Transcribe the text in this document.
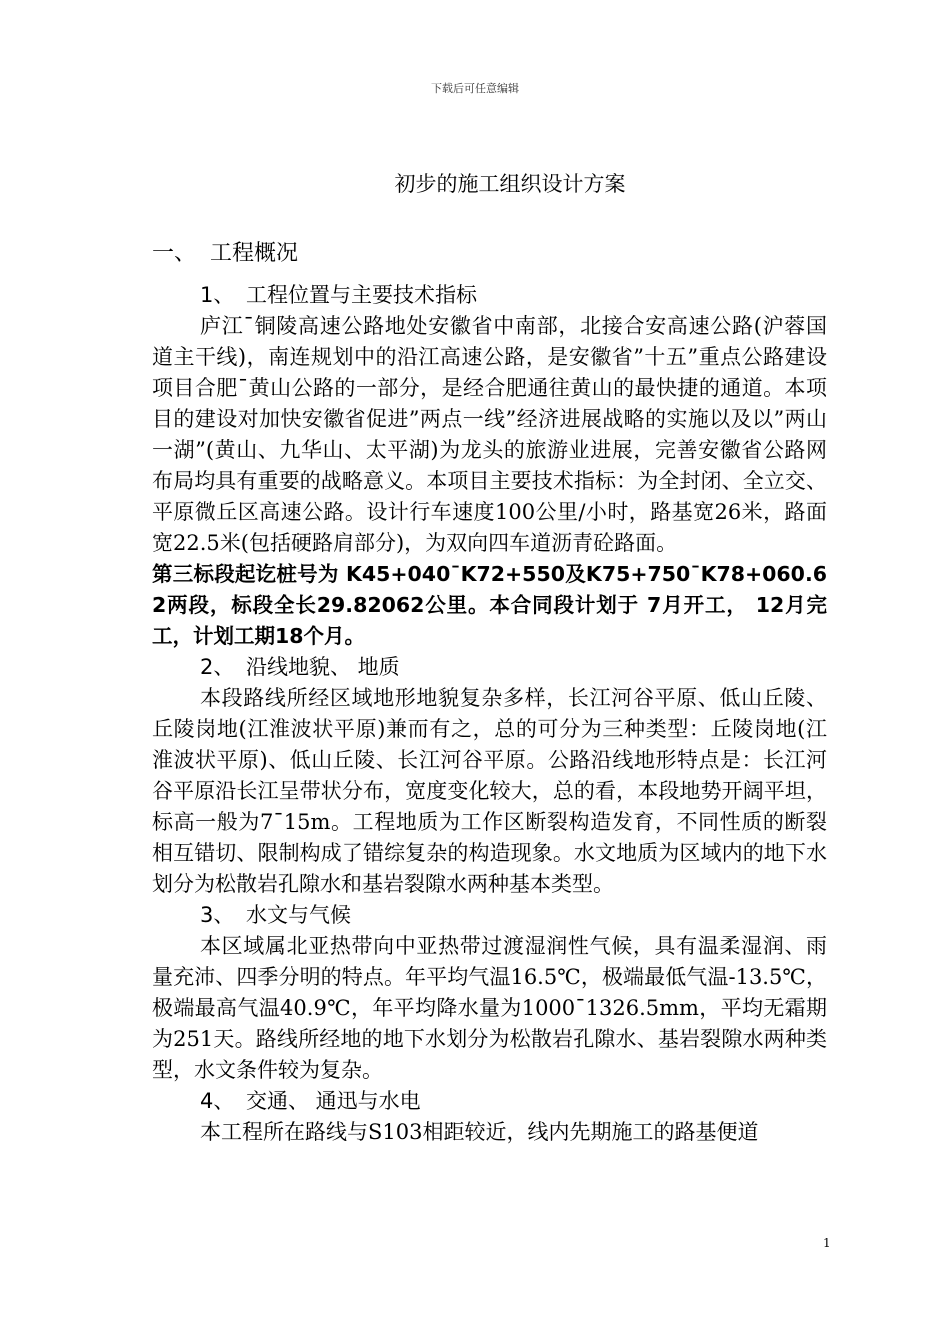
下载后可任意编辑
初步的施工组织设计方案
一、 工程概况
1、 工程位置与主要技术指标
庐江¯铜陵高速公路地处安徽省中南部，北接合安高速公路(沪蓉国道主干线)，南连规划中的沿江高速公路，是安徽省”十五”重点公路建设项目合肥¯黄山公路的一部分，是经合肥通往黄山的最快捷的通道。本项目的建设对加快安徽省促进”两点一线”经济进展战略的实施以及以”两山一湖”(黄山、九华山、太平湖)为龙头的旅游业进展，完善安徽省公路网布局均具有重要的战略意义。本项目主要技术指标：为全封闭、全立交、平原微丘区高速公路。设计行车速度100公里/小时，路基宽26米，路面宽22.5米(包括硬路肩部分)，为双向四车道沥青砼路面。
第三标段起讫桩号为 K45+040¯K72+550及K75+750¯K78+060.62两段，标段全长29.82062公里。本合同段计划于 7月开工， 12月完工，计划工期18个月。
2、 沿线地貌、 地质
本段路线所经区域地形地貌复杂多样，长江河谷平原、低山丘陵、丘陵岗地(江淮波状平原)兼而有之，总的可分为三种类型：丘陵岗地(江淮波状平原)、低山丘陵、长江河谷平原。公路沿线地形特点是：长江河谷平原沿长江呈带状分布，宽度变化较大，总的看，本段地势开阔平坦，标高一般为7¯15m。工程地质为工作区断裂构造发育，不同性质的断裂相互错切、限制构成了错综复杂的构造现象。水文地质为区域内的地下水划分为松散岩孔隙水和基岩裂隙水两种基本类型。
3、 水文与气候
本区域属北亚热带向中亚热带过渡湿润性气候，具有温柔湿润、雨量充沛、四季分明的特点。年平均气温16.5℃，极端最低气温-13.5℃，极端最高气温40.9℃，年平均降水量为1000¯1326.5mm，平均无霜期为251天。路线所经地的地下水划分为松散岩孔隙水、基岩裂隙水两种类型，水文条件较为复杂。
4、 交通、 通迅与水电
本工程所在路线与S103相距较近，线内先期施工的路基便道
1
